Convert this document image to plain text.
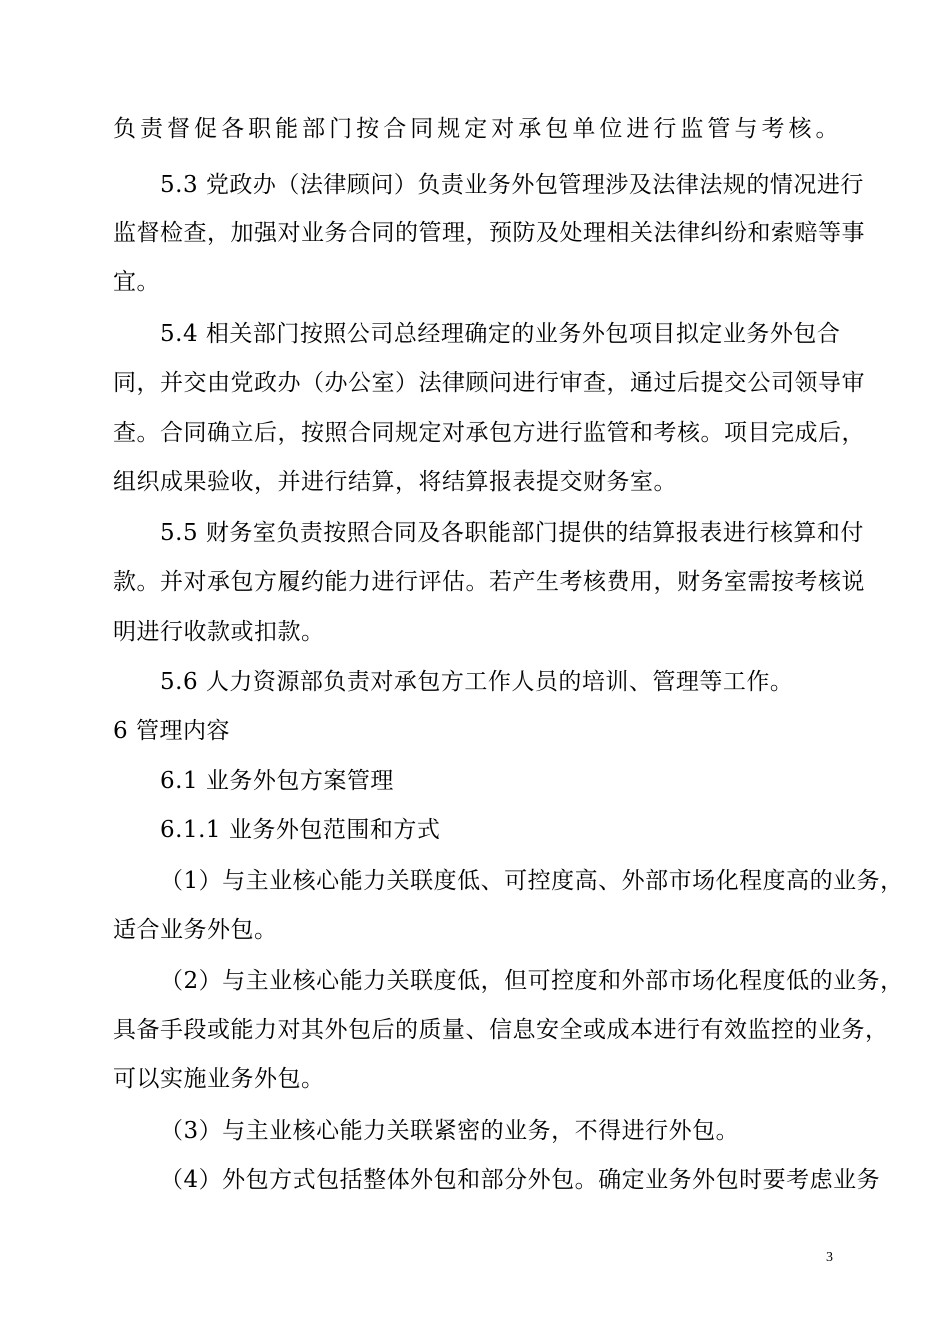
负责督促各职能部门按合同规定对承包单位进行监管与考核。
5.3 党政办（法律顾问）负责业务外包管理涉及法律法规的情况进行
监督检查，加强对业务合同的管理，预防及处理相关法律纠纷和索赔等事
宜。
5.4 相关部门按照公司总经理确定的业务外包项目拟定业务外包合
同，并交由党政办（办公室）法律顾问进行审查，通过后提交公司领导审
查。合同确立后，按照合同规定对承包方进行监管和考核。项目完成后，
组织成果验收，并进行结算，将结算报表提交财务室。
5.5 财务室负责按照合同及各职能部门提供的结算报表进行核算和付
款。并对承包方履约能力进行评估。若产生考核费用，财务室需按考核说
明进行收款或扣款。
5.6 人力资源部负责对承包方工作人员的培训、管理等工作。
6 管理内容
6.1 业务外包方案管理
6.1.1 业务外包范围和方式
（1）与主业核心能力关联度低、可控度高、外部市场化程度高的业务，
适合业务外包。
（2）与主业核心能力关联度低，但可控度和外部市场化程度低的业务，
具备手段或能力对其外包后的质量、信息安全或成本进行有效监控的业务，
可以实施业务外包。
（3）与主业核心能力关联紧密的业务，不得进行外包。
（4）外包方式包括整体外包和部分外包。确定业务外包时要考虑业务
3
